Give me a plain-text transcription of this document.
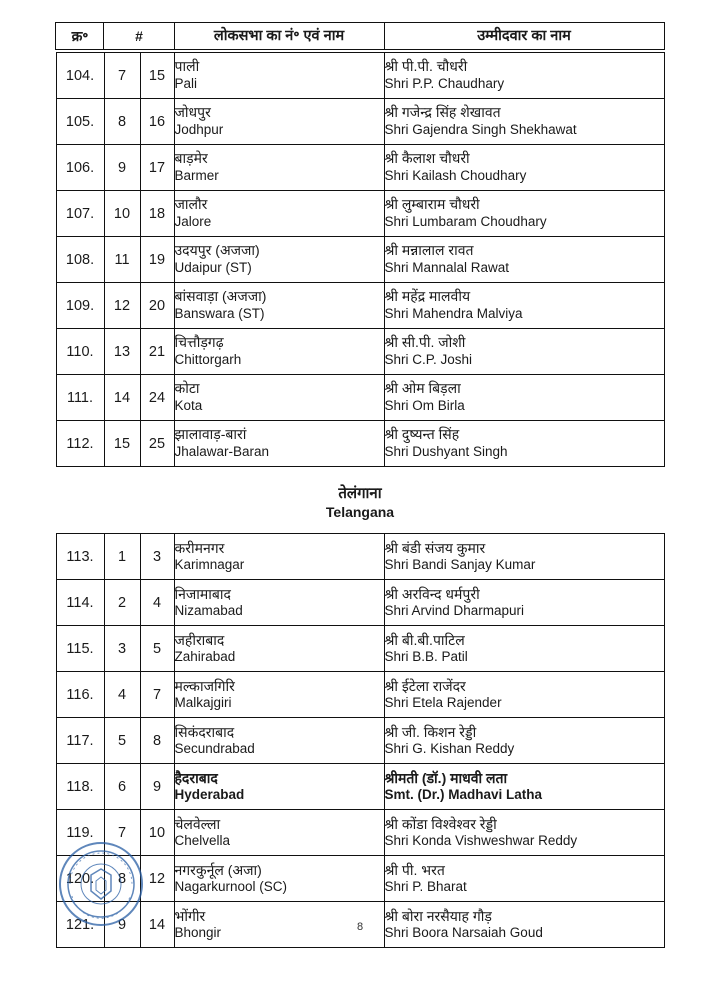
क्र॰	#	लोकसभा का नं॰ एवं नाम	उम्मीदवार का नाम
104.	7	15	पाली
Pali	श्री पी.पी. चौधरी
Shri P.P. Chaudhary

105.	8	16	जोधपुर
Jodhpur	श्री गजेन्द्र सिंह शेखावत
Shri Gajendra Singh Shekhawat

106.	9	17	बाड़मेर
Barmer	श्री कैलाश चौधरी
Shri Kailash Choudhary

107.	10	18	जालौर
Jalore	श्री लुम्बाराम चौधरी
Shri Lumbaram Choudhary

108.	11	19	उदयपुर (अजजा)
Udaipur (ST)	श्री मन्नालाल रावत
Shri Mannalal Rawat

109.	12	20	बांसवाड़ा (अजजा)
Banswara (ST)	श्री महेंद्र मालवीय
Shri Mahendra Malviya

110.	13	21	चित्तौड़गढ़
Chittorgarh	श्री सी.पी. जोशी
Shri C.P. Joshi

111.	14	24	कोटा
Kota	श्री ओम बिड़ला
Shri Om Birla

112.	15	25	झालावाड़-बारां
Jhalawar-Baran	श्री दुष्यन्त सिंह
Shri Dushyant Singh
तेलंगाना
Telangana
113.	1	3	करीमनगर
Karimnagar	श्री बंडी संजय कुमार
Shri Bandi Sanjay Kumar

114.	2	4	निजामाबाद
Nizamabad	श्री अरविन्द धर्मपुरी
Shri Arvind Dharmapuri

115.	3	5	जहीराबाद
Zahirabad	श्री बी.बी.पाटिल
Shri B.B. Patil

116.	4	7	मल्काजगिरि
Malkajgiri	श्री ईटेला राजेंदर
Shri Etela Rajender

117.	5	8	सिकंदराबाद
Secundrabad	श्री जी. किशन रेड्डी
Shri G. Kishan Reddy

118.	6	9	हैदराबाद
Hyderabad	श्रीमती (डॉ.) माधवी लता
Smt. (Dr.) Madhavi Latha

119.	7	10	चेलवेल्ला
Chelvella	श्री कोंडा विश्वेश्वर रेड्डी
Shri Konda Vishweshwar Reddy

120.	8	12	नगरकुर्नूल (अजा)
Nagarkurnool (SC)	श्री पी. भरत
Shri P. Bharat

121.	9	14	भोंगीर
Bhongir	श्री बोरा नरसैयाह गौड़
Shri Boora Narsaiah Goud
8
